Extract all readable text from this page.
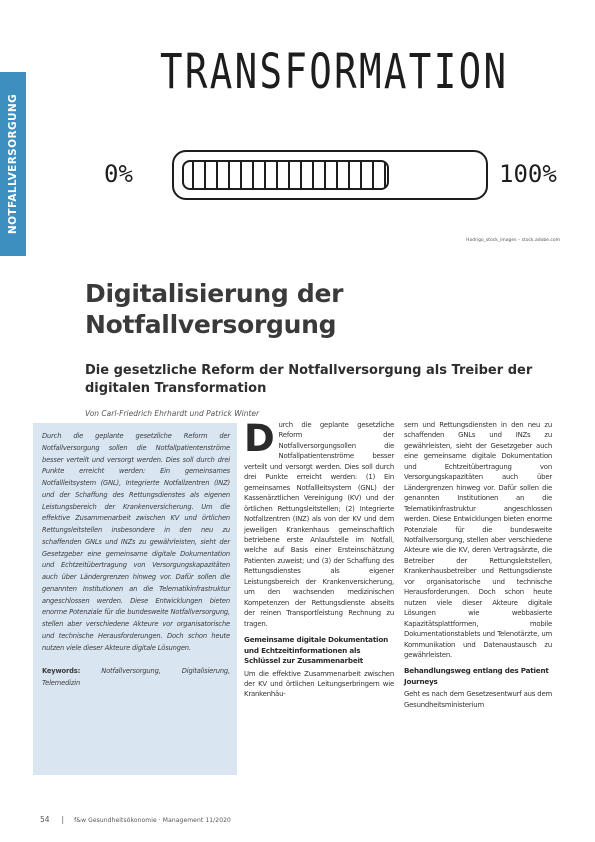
NOTFALLVERSORGUNG
TRANSFORMATION
0%	100%
Hadrigo_stock_images – stock.adobe.com
Digitalisierung der
Notfallversorgung
Die gesetzliche Reform der Notfallversorgung als Treiber der digitalen Transformation
Von Carl-Friedrich Ehrhardt und Patrick Winter

Durch die geplante gesetzliche Reform der Notfallversorgung sollen die Notfallpatientenströme besser verteilt und versorgt werden. Dies soll durch drei Punkte erreicht werden: Ein gemeinsames Notfallleitsystem (GNL), Integrierte Notfallzentren (INZ) und der Schaffung des Rettungsdienstes als eigenen Leistungsbereich der Krankenversicherung. Um die effektive Zusammenarbeit zwischen KV und örtlichen Rettungsleitstellen insbesondere in den neu zu schaffenden GNLs und INZs zu gewährleisten, sieht der Gesetzgeber eine gemeinsame digitale Dokumentation und Echtzeitübertragung von Versorgungskapazitäten auch über Ländergrenzen hinweg vor. Dafür sollen die genannten Institutionen an die Telematikinfrastruktur angeschlossen werden. Diese Entwicklungen bieten enorme Potenziale für die bundesweite Notfallversorgung, stellen aber verschiedene Akteure vor organisatorische und technische Herausforderungen. Doch schon heute nutzen viele dieser Akteure digitale Lösungen.

Keywords:	Notfallversorgung, Digitalisierung, Telemedizin

D urch die geplante gesetzliche Reform der Notfallversorgungsollen die Notfallpatientenströme besser verteilt und versorgt werden. Dies soll durch drei Punkte erreicht werden: (1) Ein gemeinsames Notfallleitsystem (GNL) der Kassenärztlichen Vereinigung (KV) und der örtlichen Rettungsleitstellen; (2) Integrierte Notfallzentren (INZ) als von der KV und dem jeweiligen Krankenhaus gemeinschaftlich betriebene erste Anlaufstelle im Notfall, welche auf Basis einer Ersteinschätzung Patienten zuweist; und (3) der Schaffung des Rettungsdienstes als eigener Leistungsbereich der Krankenversicherung, um den wachsenden medizinischen Kompetenzen der Rettungsdienste abseits der reinen Transportleistung Rechnung zu tragen.

Gemeinsame digitale Dokumentation und Echtzeitinformationen als Schlüssel zur Zusammenarbeit

Um die effektive Zusammenarbeit zwischen der KV und örtlichen Leitungserbringern wie Krankenhäu-

sern und Rettungsdiensten in den neu zu schaffenden GNLs und INZs zu gewährleisten, sieht der Gesetzgeber auch eine gemeinsame digitale Dokumentation und Echtzeitübertragung von Versorgungskapazitäten auch über Ländergrenzen hinweg vor. Dafür sollen die genannten Institutionen an die Telematikinfrastruktur angeschlossen werden. Diese Entwicklungen bieten enorme Potenziale für die bundesweite Notfallversorgung, stellen aber verschiedene Akteure wie die KV, deren Vertragsärzte, die Betreiber der Rettungsleitstellen, Krankenhausbetreiber und Rettungsdienste vor organisatorische und technische Herausforderungen. Doch schon heute nutzen viele dieser Akteure digitale Lösungen wie webbasierte Kapazitätsplattformen, mobile Dokumentationstablets und Telenotärzte, um Kommunikation und Datenaustausch zu gewährleisten.

Behandlungsweg entlang des Patient Journeys

Geht es nach dem Gesetzesentwurf aus dem Gesundheitsministerium

54 | f&w Gesundheitsökonomie · Management 11/2020
